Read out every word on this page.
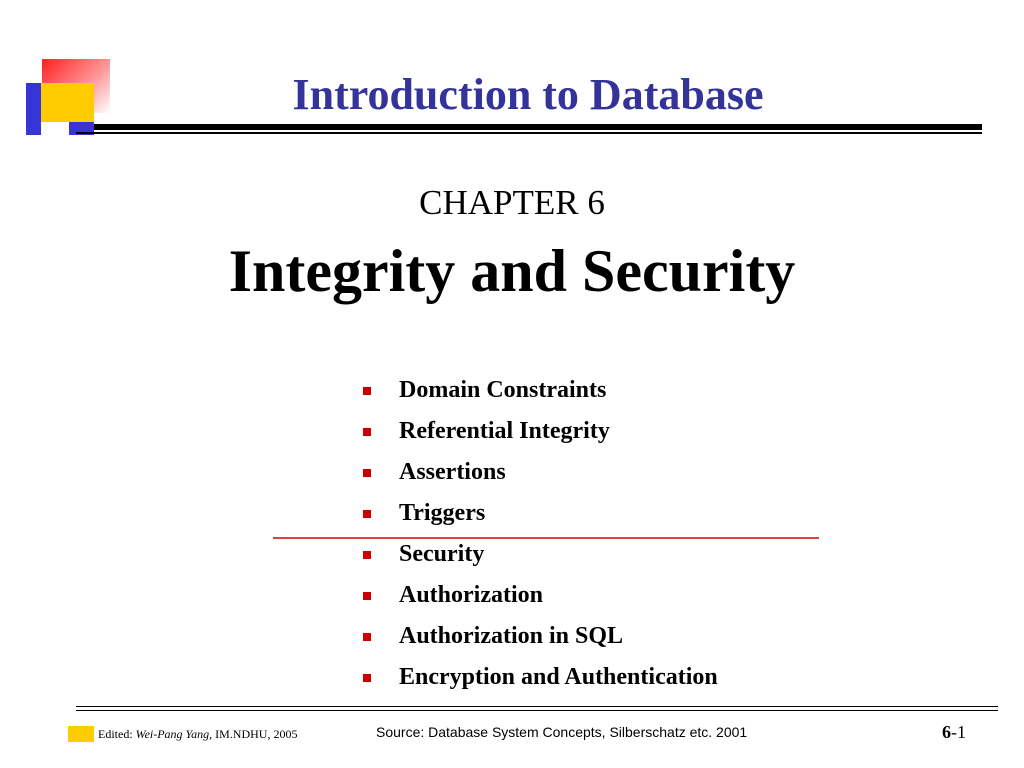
Introduction to Database
CHAPTER 6
Integrity and Security
Domain Constraints
Referential Integrity
Assertions
Triggers
Security
Authorization
Authorization in SQL
Encryption and Authentication
Edited: Wei-Pang Yang, IM.NDHU, 2005	Source: Database System Concepts, Silberschatz etc. 2001	6-1
